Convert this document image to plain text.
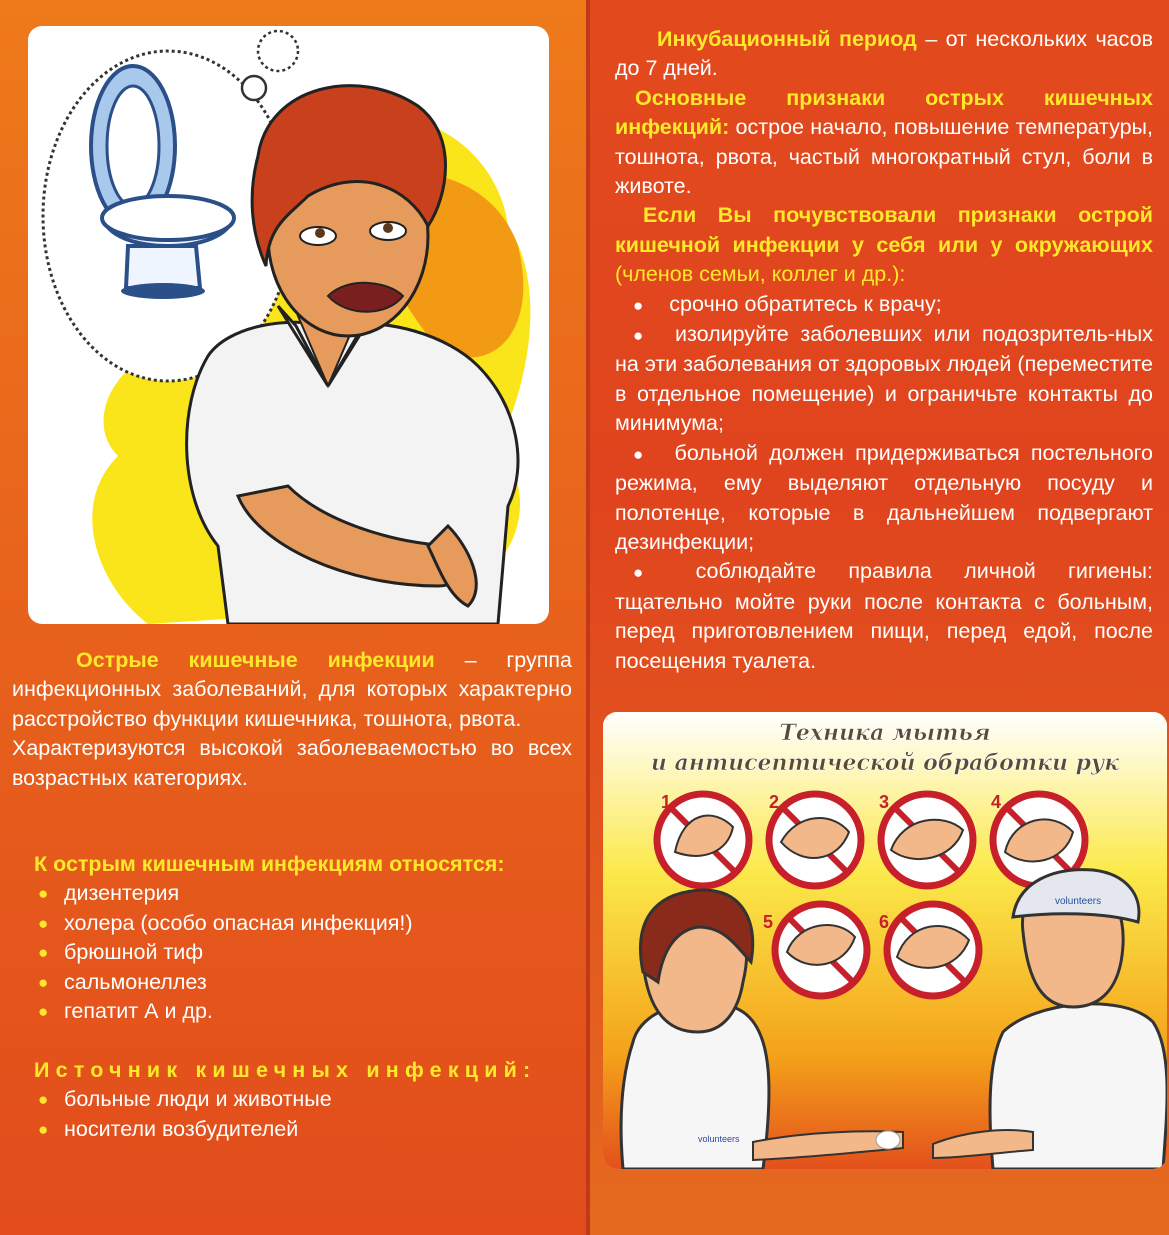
Острые кишечные инфекции – группа инфекционных заболеваний, для которых характерно расстройство функции кишечника, тошнота, рвота.

Характеризуются высокой заболеваемостью во всех возрастных категориях.

К острым кишечным инфекциям относятся:

● дизентерия
● холера (особо опасная инфекция!)
● брюшной тиф
● сальмонеллез
● гепатит А и др.

Источник кишечных инфекций:

● больные люди и животные
● носители возбудителей

Инкубационный период – от нескольких часов до 7 дней.

Основные признаки острых кишечных инфекций: острое начало, повышение температуры, тошнота, рвота, частый многократный стул, боли в животе.

Если Вы почувствовали признаки острой кишечной инфекции у себя или у окружающих (членов семьи, коллег и др.):

● срочно обратитесь к врачу;

● изолируйте заболевших или подозритель-ных на эти заболевания от здоровых людей (переместите в отдельное помещение) и ограничьте контакты до минимума;

● больной должен придерживаться постельного режима, ему выделяют отдельную посуду и полотенце, которые в дальнейшем подвергают дезинфекции;

● соблюдайте правила личной гигиены: тщательно мойте руки после контакта с больным, перед приготовлением пищи, перед едой, после посещения туалета.

Техника мытья
и антисептической обработки рук
1	2	3	4
5	6
volunteers
volunteers
